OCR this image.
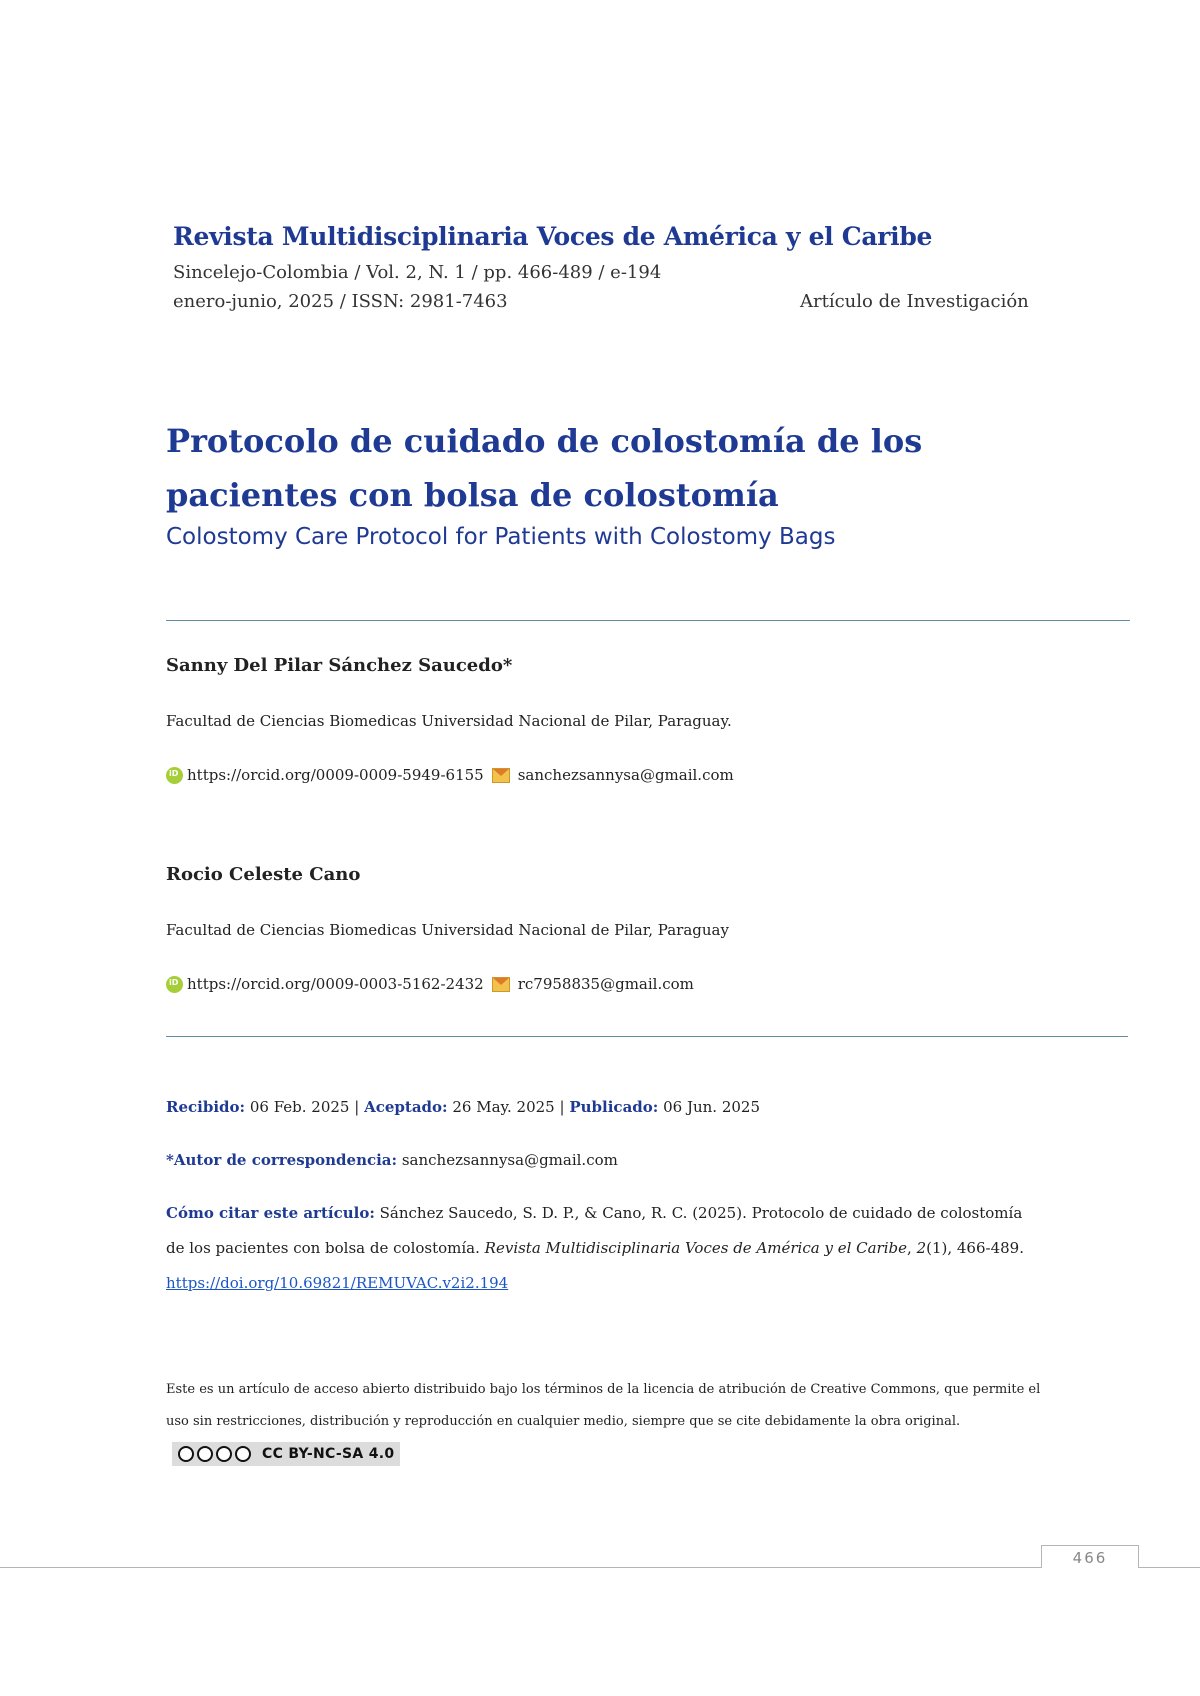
Revista Multidisciplinaria Voces de América y el Caribe
Sincelejo-Colombia / Vol. 2, N. 1 / pp. 466-489 / e-194
enero-junio, 2025 / ISSN: 2981-7463	Artículo de Investigación
Protocolo de cuidado de colostomía de los pacientes con bolsa de colostomía
Colostomy Care Protocol for Patients with Colostomy Bags
Sanny Del Pilar Sánchez Saucedo*
Facultad de Ciencias Biomedicas Universidad Nacional de Pilar, Paraguay.
iD
https://orcid.org/0009-0009-5949-6155 sanchezsannysa@gmail.com
Rocio Celeste Cano
Facultad de Ciencias Biomedicas Universidad Nacional de Pilar, Paraguay
iD
https://orcid.org/0009-0003-5162-2432 rc7958835@gmail.com
Recibido: 06 Feb. 2025 | Aceptado: 26 May. 2025 | Publicado: 06 Jun. 2025
*Autor de correspondencia: sanchezsannysa@gmail.com
Cómo citar este artículo: Sánchez Saucedo, S. D. P., & Cano, R. C. (2025). Protocolo de cuidado de colostomía de los pacientes con bolsa de colostomía. Revista Multidisciplinaria Voces de América y el Caribe, 2(1), 466-489. https://doi.org/10.69821/REMUVAC.v2i2.194
Este es un artículo de acceso abierto distribuido bajo los términos de la licencia de atribución de Creative Commons, que permite el uso sin restricciones, distribución y reproducción en cualquier medio, siempre que se cite debidamente la obra original.
CC BY-NC-SA 4.0
466
